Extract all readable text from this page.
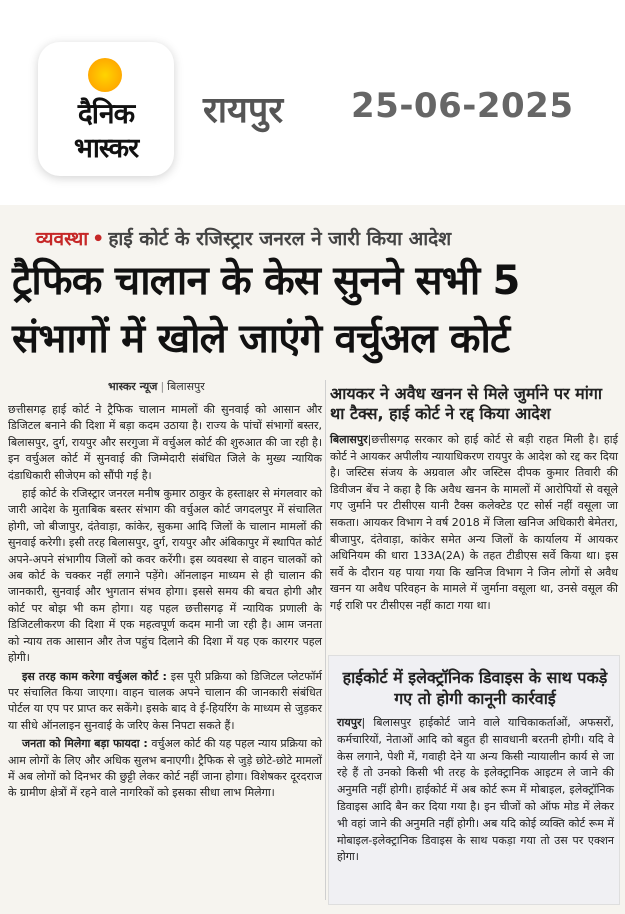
दैनिक
भास्कर
रायपुर 25-06-2025
व्यवस्था • हाई कोर्ट के रजिस्ट्रार जनरल ने जारी किया आदेश
ट्रैफिक चालान के केस सुनने सभी 5 संभागों में खोले जाएंगे वर्चुअल कोर्ट
भास्कर न्यूज | बिलासपुर

छत्तीसगढ़ हाई कोर्ट ने ट्रैफिक चालान मामलों की सुनवाई को आसान और डिजिटल बनाने की दिशा में बड़ा कदम उठाया है। राज्य के पांचों संभागों बस्तर, बिलासपुर, दुर्ग, रायपुर और सरगुजा में वर्चुअल कोर्ट की शुरुआत की जा रही है। इन वर्चुअल कोर्ट में सुनवाई की जिम्मेदारी संबंधित जिले के मुख्य न्यायिक दंडाधिकारी सीजेएम को सौंपी गई है।

हाई कोर्ट के रजिस्ट्रार जनरल मनीष कुमार ठाकुर के हस्ताक्षर से मंगलवार को जारी आदेश के मुताबिक बस्तर संभाग की वर्चुअल कोर्ट जगदलपुर में संचालित होगी, जो बीजापुर, दंतेवाड़ा, कांकेर, सुकमा आदि जिलों के चालान मामलों की सुनवाई करेगी। इसी तरह बिलासपुर, दुर्ग, रायपुर और अंबिकापुर में स्थापित कोर्ट अपने-अपने संभागीय जिलों को कवर करेंगी। इस व्यवस्था से वाहन चालकों को अब कोर्ट के चक्कर नहीं लगाने पड़ेंगे। ऑनलाइन माध्यम से ही चालान की जानकारी, सुनवाई और भुगतान संभव होगा। इससे समय की बचत होगी और कोर्ट पर बोझ भी कम होगा। यह पहल छत्तीसगढ़ में न्यायिक प्रणाली के डिजिटलीकरण की दिशा में एक महत्वपूर्ण कदम मानी जा रही है। आम जनता को न्याय तक आसान और तेज पहुंच दिलाने की दिशा में यह एक कारगर पहल होगी।

इस तरह काम करेगा वर्चुअल कोर्ट : इस पूरी प्रक्रिया को डिजिटल प्लेटफॉर्म पर संचालित किया जाएगा। वाहन चालक अपने चालान की जानकारी संबंधित पोर्टल या एप पर प्राप्त कर सकेंगे। इसके बाद वे ई-हियरिंग के माध्यम से जुड़कर या सीधे ऑनलाइन सुनवाई के जरिए केस निपटा सकते हैं।

जनता को मिलेगा बड़ा फायदा : वर्चुअल कोर्ट की यह पहल न्याय प्रक्रिया को आम लोगों के लिए और अधिक सुलभ बनाएगी। ट्रैफिक से जुड़े छोटे-छोटे मामलों में अब लोगों को दिनभर की छुट्टी लेकर कोर्ट नहीं जाना होगा। विशेषकर दूरदराज के ग्रामीण क्षेत्रों में रहने वाले नागरिकों को इसका सीधा लाभ मिलेगा।

आयकर ने अवैध खनन से मिले जुर्माने पर मांगा था टैक्स, हाई कोर्ट ने रद्द किया आदेश
बिलासपुर|छत्तीसगढ़ सरकार को हाई कोर्ट से बड़ी राहत मिली है। हाई कोर्ट ने आयकर अपीलीय न्यायाधिकरण रायपुर के आदेश को रद्द कर दिया है। जस्टिस संजय के अग्रवाल और जस्टिस दीपक कुमार तिवारी की डिवीजन बेंच ने कहा है कि अवैध खनन के मामलों में आरोपियों से वसूले गए जुर्माने पर टीसीएस यानी टैक्स कलेक्टेड एट सोर्स नहीं वसूला जा सकता। आयकर विभाग ने वर्ष 2018 में जिला खनिज अधिकारी बेमेतरा, बीजापुर, दंतेवाड़ा, कांकेर समेत अन्य जिलों के कार्यालय में आयकर अधिनियम की धारा 133A(2A) के तहत टीडीएस सर्वे किया था। इस सर्वे के दौरान यह पाया गया कि खनिज विभाग ने जिन लोगों से अवैध खनन या अवैध परिवहन के मामले में जुर्माना वसूला था, उनसे वसूल की गई राशि पर टीसीएस नहीं काटा गया था।
हाईकोर्ट में इलेक्ट्रॉनिक डिवाइस के साथ पकड़े गए तो होगी कानूनी कार्रवाई
रायपुर| बिलासपुर हाईकोर्ट जाने वाले याचिकाकर्ताओं, अफसरों, कर्मचारियों, नेताओं आदि को बहुत ही सावधानी बरतनी होगी। यदि वे केस लगाने, पेशी में, गवाही देने या अन्य किसी न्यायालीन कार्य से जा रहे हैं तो उनको किसी भी तरह के इलेक्ट्रानिक आइटम ले जाने की अनुमति नहीं होगी। हाईकोर्ट में अब कोर्ट रूम में मोबाइल, इलेक्ट्रॉनिक डिवाइस आदि बैन कर दिया गया है। इन चीजों को ऑफ मोड में लेकर भी वहां जाने की अनुमति नहीं होगी। अब यदि कोई व्यक्ति कोर्ट रूम में मोबाइल-इलेक्ट्रानिक डिवाइस के साथ पकड़ा गया तो उस पर एक्शन होगा।
